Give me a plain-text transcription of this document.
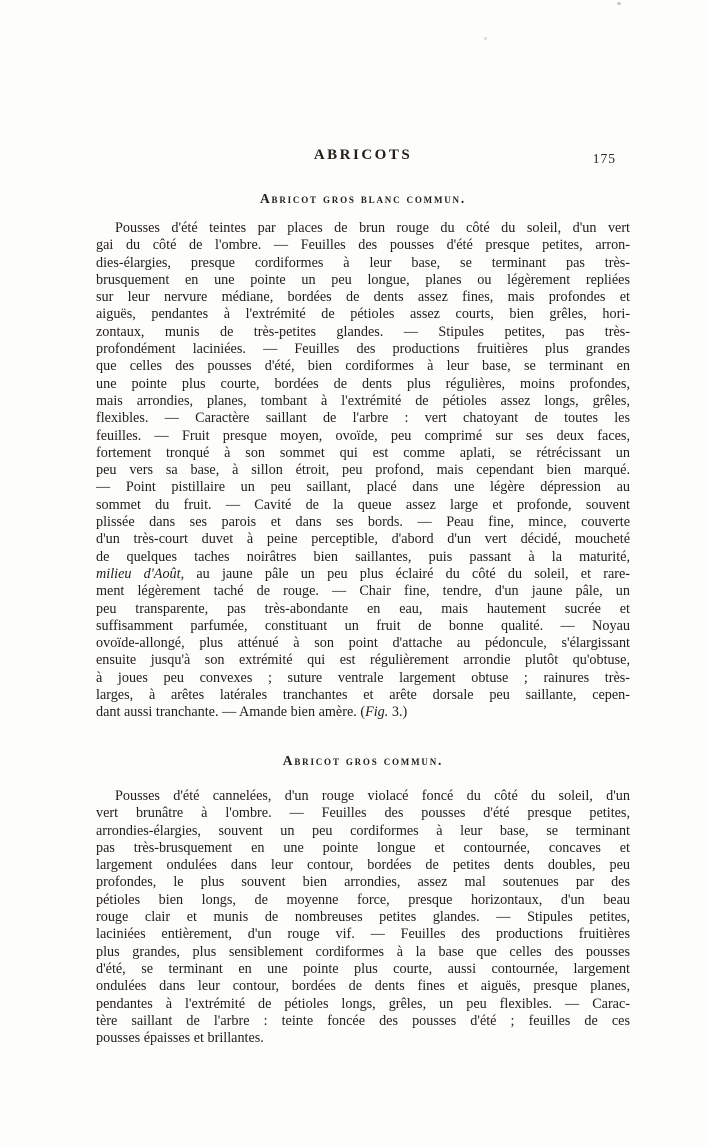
ABRICOTS	175
Abricot gros blanc commun.
Pousses d'été teintes par places de brun rouge du côté du soleil, d'un vert
gai du côté de l'ombre. — Feuilles des pousses d'été presque petites, arron-
dies-élargies, presque cordiformes à leur base, se terminant pas très-
brusquement en une pointe un peu longue, planes ou légèrement repliées
sur leur nervure médiane, bordées de dents assez fines, mais profondes et
aiguës, pendantes à l'extrémité de pétioles assez courts, bien grêles, hori-
zontaux, munis de très-petites glandes. — Stipules petites, pas très-
profondément laciniées. — Feuilles des productions fruitières plus grandes
que celles des pousses d'été, bien cordiformes à leur base, se terminant en
une pointe plus courte, bordées de dents plus régulières, moins profondes,
mais arrondies, planes, tombant à l'extrémité de pétioles assez longs, grêles,
flexibles. — Caractère saillant de l'arbre : vert chatoyant de toutes les
feuilles. — Fruit presque moyen, ovoïde, peu comprimé sur ses deux faces,
fortement tronqué à son sommet qui est comme aplati, se rétrécissant un
peu vers sa base, à sillon étroit, peu profond, mais cependant bien marqué.
— Point pistillaire un peu saillant, placé dans une légère dépression au
sommet du fruit. — Cavité de la queue assez large et profonde, souvent
plissée dans ses parois et dans ses bords. — Peau fine, mince, couverte
d'un très-court duvet à peine perceptible, d'abord d'un vert décidé, moucheté
de quelques taches noirâtres bien saillantes, puis passant à la maturité,
milieu d'Août, au jaune pâle un peu plus éclairé du côté du soleil, et rare-
ment légèrement taché de rouge. — Chair fine, tendre, d'un jaune pâle, un
peu transparente, pas très-abondante en eau, mais hautement sucrée et
suffisamment parfumée, constituant un fruit de bonne qualité. — Noyau
ovoïde-allongé, plus atténué à son point d'attache au pédoncule, s'élargissant
ensuite jusqu'à son extrémité qui est régulièrement arrondie plutôt qu'obtuse,
à joues peu convexes ; suture ventrale largement obtuse ; rainures très-
larges, à arêtes latérales tranchantes et arête dorsale peu saillante, cepen-
dant aussi tranchante. — Amande bien amère. (Fig. 3.)
Abricot gros commun.
Pousses d'été cannelées, d'un rouge violacé foncé du côté du soleil, d'un
vert brunâtre à l'ombre. — Feuilles des pousses d'été presque petites,
arrondies-élargies, souvent un peu cordiformes à leur base, se terminant
pas très-brusquement en une pointe longue et contournée, concaves et
largement ondulées dans leur contour, bordées de petites dents doubles, peu
profondes, le plus souvent bien arrondies, assez mal soutenues par des
pétioles bien longs, de moyenne force, presque horizontaux, d'un beau
rouge clair et munis de nombreuses petites glandes. — Stipules petites,
laciniées entièrement, d'un rouge vif. — Feuilles des productions fruitières
plus grandes, plus sensiblement cordiformes à la base que celles des pousses
d'été, se terminant en une pointe plus courte, aussi contournée, largement
ondulées dans leur contour, bordées de dents fines et aiguës, presque planes,
pendantes à l'extrémité de pétioles longs, grêles, un peu flexibles. — Carac-
tère saillant de l'arbre : teinte foncée des pousses d'été ; feuilles de ces
pousses épaisses et brillantes.
